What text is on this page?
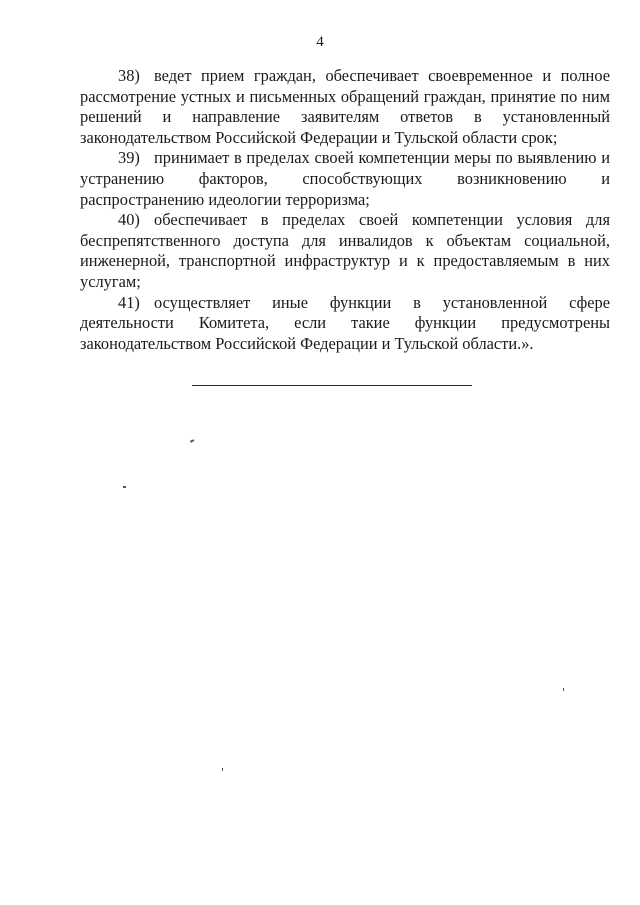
4

38) ведет прием граждан, обеспечивает своевременное и полное рассмотрение устных и письменных обращений граждан, принятие по ним решений и направление заявителям ответов в установленный законодательством Российской Федерации и Тульской области срок;

39) принимает в пределах своей компетенции меры по выявлению и устранению факторов, способствующих возникновению и распространению идеологии терроризма;

40) обеспечивает в пределах своей компетенции условия для беспрепятственного доступа для инвалидов к объектам социальной, инженерной, транспортной инфраструктур и к предоставляемым в них услугам;

41) осуществляет иные функции в установленной сфере деятельности Комитета, если такие функции предусмотрены законодательством Российской Федерации и Тульской области.».
